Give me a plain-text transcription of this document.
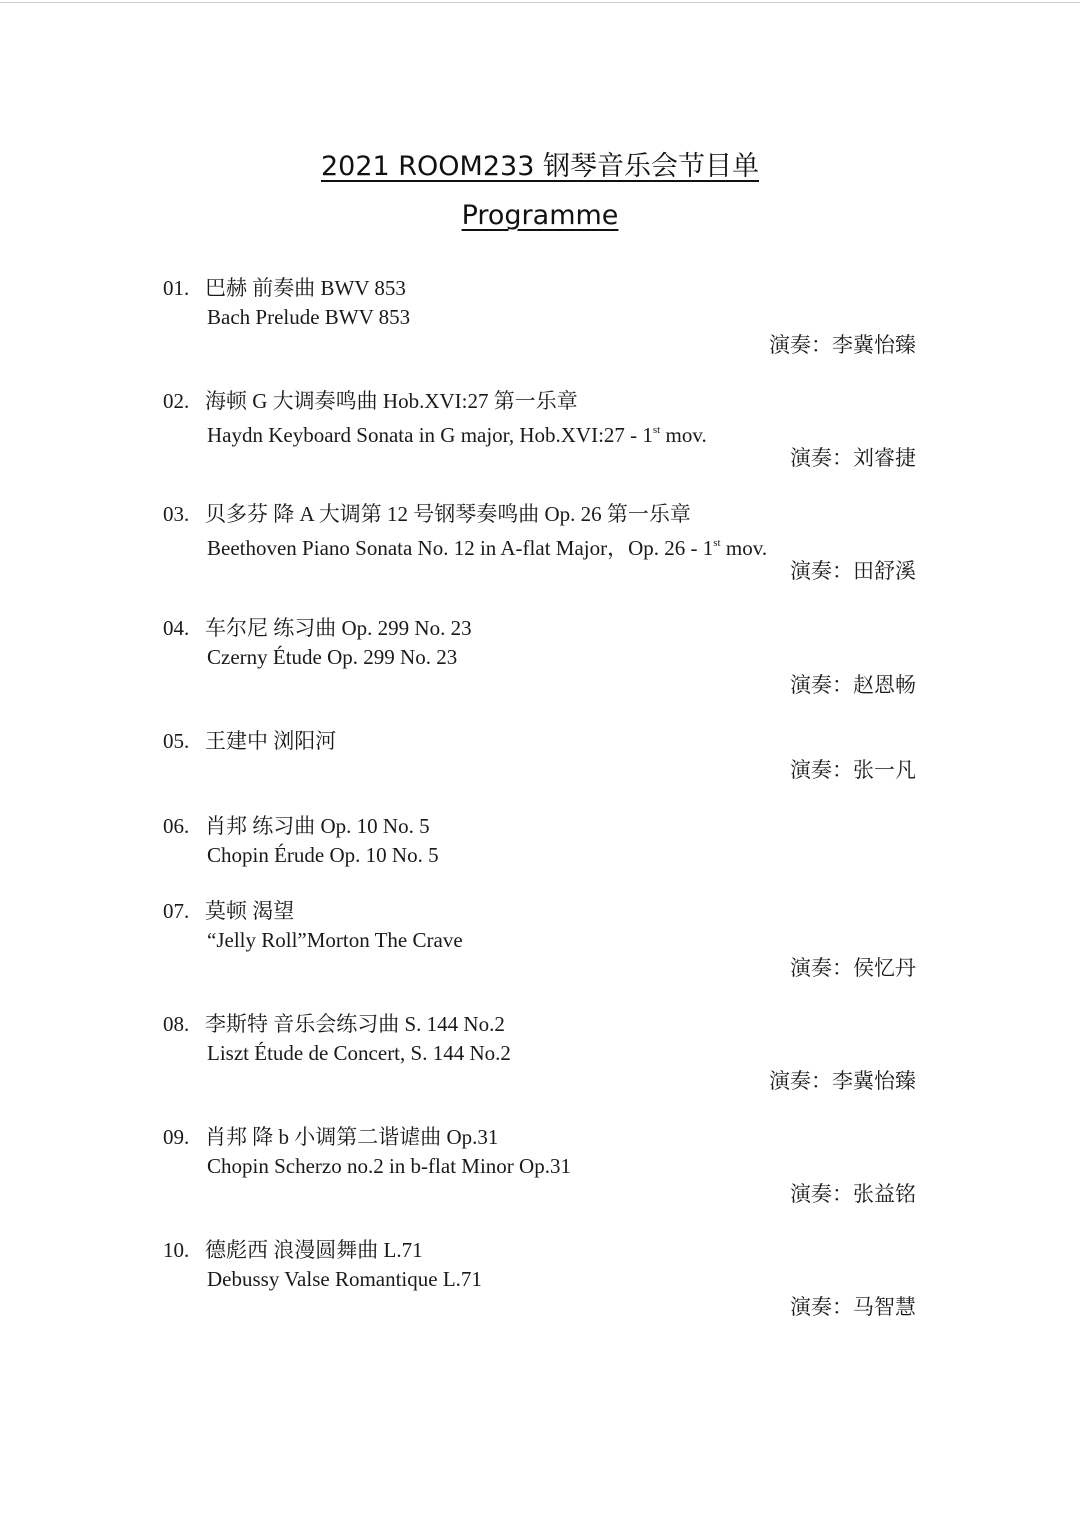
2021 ROOM233 钢琴音乐会节目单
Programme
01. 巴赫 前奏曲 BWV 853
Bach Prelude BWV 853
演奏：李冀怡臻
02. 海顿 G 大调奏鸣曲 Hob.XVI:27 第一乐章
Haydn Keyboard Sonata in G major, Hob.XVI:27 - 1st mov.
演奏：刘睿捷
03. 贝多芬 降 A 大调第 12 号钢琴奏鸣曲 Op. 26 第一乐章
Beethoven Piano Sonata No. 12 in A-flat Major，Op. 26 - 1st mov.
演奏：田舒溪
04. 车尔尼 练习曲 Op. 299 No. 23
Czerny Étude Op. 299 No. 23
演奏：赵恩畅
05. 王建中 浏阳河
演奏：张一凡
06. 肖邦 练习曲 Op. 10 No. 5
Chopin Érude Op. 10 No. 5
07. 莫顿 渴望
“Jelly Roll”Morton The Crave
演奏：侯忆丹
08. 李斯特 音乐会练习曲 S. 144 No.2
Liszt Étude de Concert, S. 144 No.2
演奏：李冀怡臻
09. 肖邦 降 b 小调第二谐谑曲 Op.31
Chopin Scherzo no.2 in b-flat Minor Op.31
演奏：张益铭
10. 德彪西 浪漫圆舞曲 L.71
Debussy Valse Romantique L.71
演奏：马智慧
